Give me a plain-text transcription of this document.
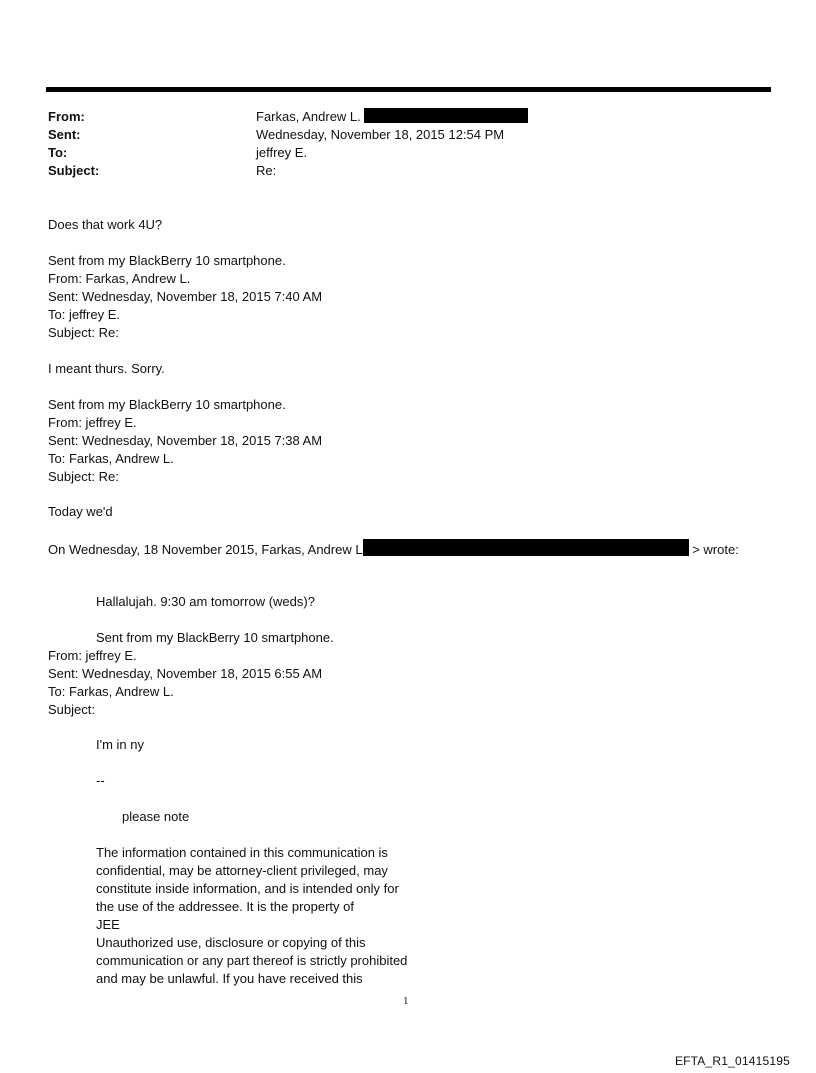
From:	Farkas, Andrew L.
Sent:	Wednesday, November 18, 2015 12:54 PM
To:	jeffrey E.
Subject:	Re:
Does that work 4U?
Sent from my BlackBerry 10 smartphone.
From: Farkas, Andrew L.
Sent: Wednesday, November 18, 2015 7:40 AM
To: jeffrey E.
Subject: Re:
I meant thurs. Sorry.
Sent from my BlackBerry 10 smartphone.
From: jeffrey E.
Sent: Wednesday, November 18, 2015 7:38 AM
To: Farkas, Andrew L.
Subject: Re:
Today we'd
On Wednesday, 18 November 2015, Farkas, Andrew L	> wrote:
Hallalujah. 9:30 am tomorrow (weds)?
Sent from my BlackBerry 10 smartphone.
From: jeffrey E.
Sent: Wednesday, November 18, 2015 6:55 AM
To: Farkas, Andrew L.
Subject:
I'm in ny
--
please note
The information contained in this communication is
confidential, may be attorney-client privileged, may
constitute inside information, and is intended only for
the use of the addressee. It is the property of
JEE
Unauthorized use, disclosure or copying of this
communication or any part thereof is strictly prohibited
and may be unlawful. If you have received this
1
EFTA_R1_01415195
